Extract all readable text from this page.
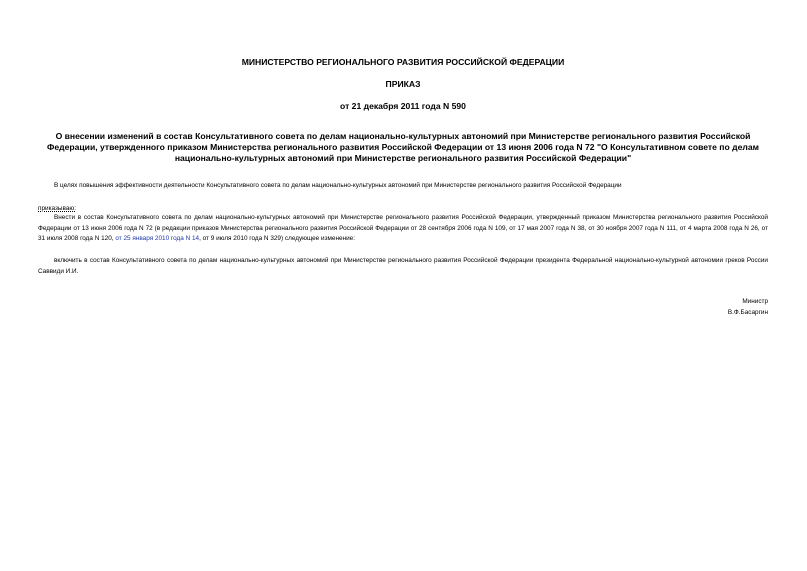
МИНИСТЕРСТВО РЕГИОНАЛЬНОГО РАЗВИТИЯ РОССИЙСКОЙ ФЕДЕРАЦИИ
ПРИКАЗ
от 21 декабря 2011 года N 590
О внесении изменений в состав Консультативного совета по делам национально-культурных автономий при Министерстве регионального развития Российской Федерации, утвержденного приказом Министерства регионального развития Российской Федерации от 13 июня 2006 года N 72 "О Консультативном совете по делам национально-культурных автономий при Министерстве регионального развития Российской Федерации"
В целях повышения эффективности деятельности Консультативного совета по делам национально-культурных автономий при Министерстве регионального развития Российской Федерации
приказываю:
Внести в состав Консультативного совета по делам национально-культурных автономий при Министерстве регионального развития Российской Федерации, утвержденный приказом Министерства регионального развития Российской Федерации от 13 июня 2006 года N 72 (в редакции приказов Министерства регионального развития Российской Федерации от 28 сентября 2006 года N 109, от 17 мая 2007 года N 38, от 30 ноября 2007 года N 111, от 4 марта 2008 года N 26, от 31 июля 2008 года N 120, от 25 января 2010 года N 14, от 9 июля 2010 года N 329) следующее изменение:
включить в состав Консультативного совета по делам национально-культурных автономий при Министерстве регионального развития Российской Федерации президента Федеральной национально-культурной автономии греков России Саввиди И.И.
Министр
В.Ф.Басаргин
